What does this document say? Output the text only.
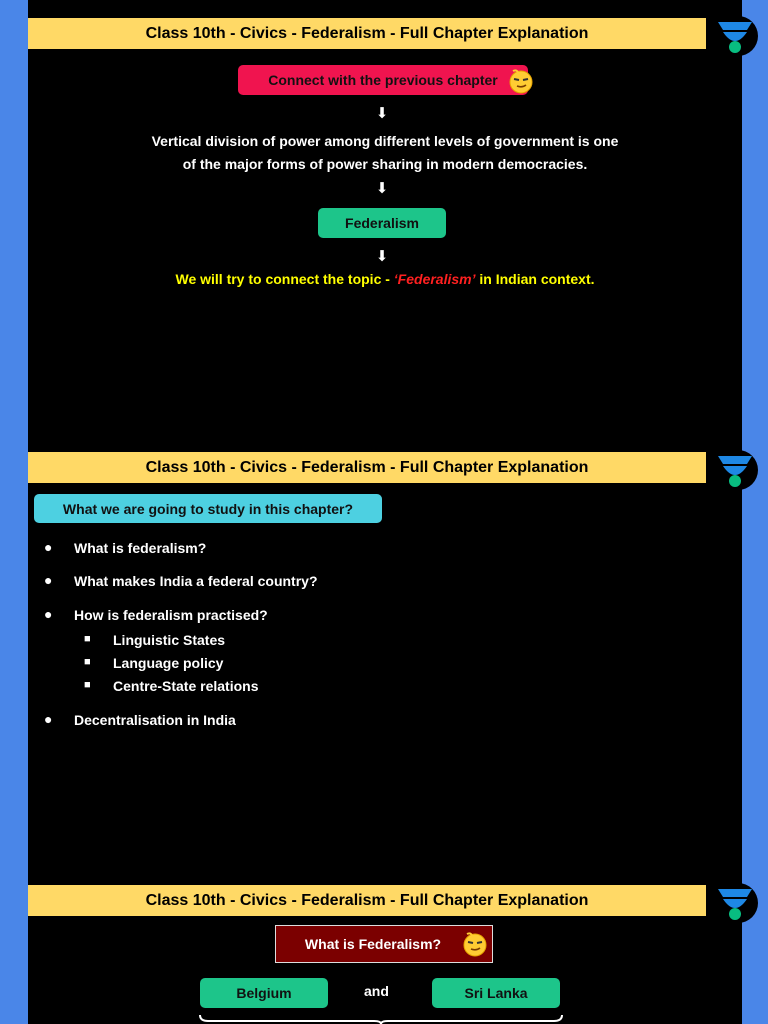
Class 10th - Civics - Federalism - Full Chapter Explanation
Connect with the previous chapter
⬇
Vertical division of power among different levels of government is one
of the major forms of power sharing in modern democracies.
⬇
Federalism
⬇
We will try to connect the topic - ‘Federalism’ in Indian context.
Class 10th - Civics - Federalism - Full Chapter Explanation
What we are going to study in this chapter?
●	What is federalism?
●	What makes India a federal country?
●	How is federalism practised?
■	Linguistic States
■	Language policy
■	Centre-State relations
●	Decentralisation in India
Class 10th - Civics - Federalism - Full Chapter Explanation
What is Federalism?
Belgium	and	Sri Lanka
